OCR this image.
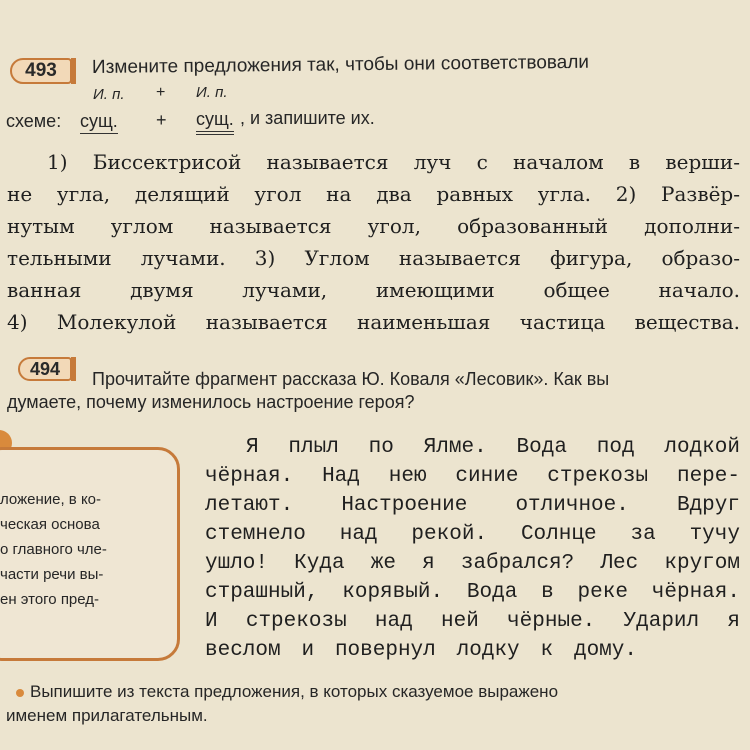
493	Измените предложения так, чтобы они соответствовали
И. п. + И. п.
схеме: сущ. + сущ. , и запишите их.
1) Биссектрисой называется луч с началом в верши-
не угла, делящий угол на два равных угла. 2) Развёр-
нутым углом называется угол, образованный дополни-
тельными лучами. 3) Углом называется фигура, образо-
ванная двумя лучами, имеющими общее начало.
4) Молекулой называется наименьшая частица вещества.
494	Прочитайте фрагмент рассказа Ю. Коваля «Лесовик». Как вы
думаете, почему изменилось настроение героя?
ложение, в ко-
ческая основа
о главного чле-
части речи вы-
ен этого пред-
Я плыл по Ялме. Вода под лодкой
чёрная. Над нею синие стрекозы пере-
летают. Настроение отличное. Вдруг
стемнело над рекой. Солнце за тучу
ушло! Куда же я забрался? Лес кругом
страшный, корявый. Вода в реке чёрная.
И стрекозы над ней чёрные. Ударил я
веслом и повернул лодку к дому.
Выпишите из текста предложения, в которых сказуемое выражено
именем прилагательным.
